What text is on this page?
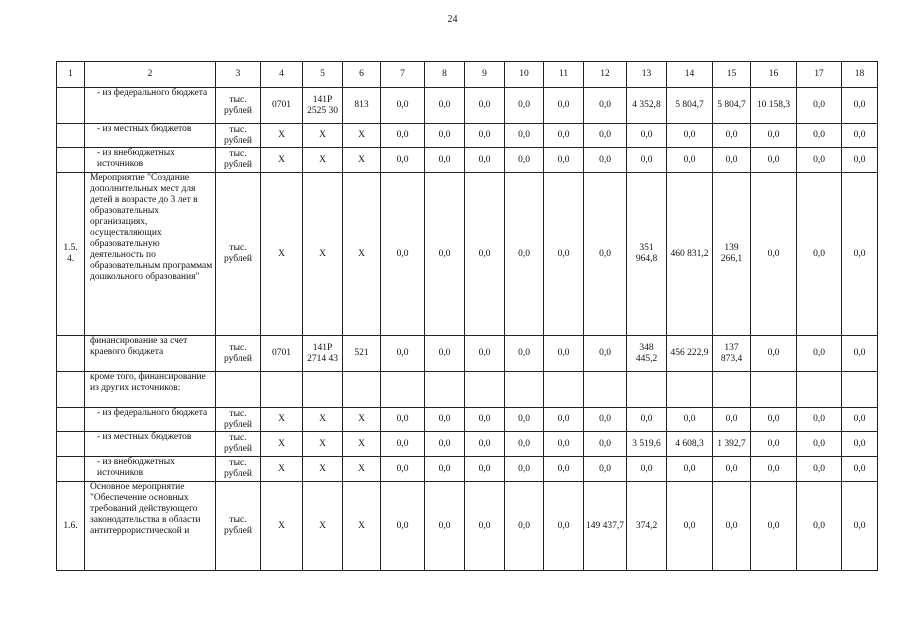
24
1	2	3	4	5	6	7	8	9	10	11	12	13	14	15	16	17	18
	- из федерального бюджета	тыс. рублей	0701	141Р 2525 30	813	0,0	0,0	0,0	0,0	0,0	0,0	4 352,8	5 804,7	5 804,7	10 158,3	0,0	0,0
	- из местных бюджетов	тыс. рублей	X	X	X	0,0	0,0	0,0	0,0	0,0	0,0	0,0	0,0	0,0	0,0	0,0	0,0
	- из внебюджетных источников	тыс. рублей	X	X	X	0,0	0,0	0,0	0,0	0,0	0,0	0,0	0,0	0,0	0,0	0,0	0,0
1.5. 4.	Мероприятие "Создание дополнительных мест для детей в возрасте до 3 лет в образовательных организациях, осуществляющих образовательную деятельность по образовательным программам дошкольного образования"	тыс. рублей	X	X	X	0,0	0,0	0,0	0,0	0,0	0,0	351 964,8	460 831,2	139 266,1	0,0	0,0	0,0
	финансирование за счет краевого бюджета	тыс. рублей	0701	141Р 2714 43	521	0,0	0,0	0,0	0,0	0,0	0,0	348 445,2	456 222,9	137 873,4	0,0	0,0	0,0
	кроме того, финансирование из других источников:																
	- из федерального бюджета	тыс. рублей	X	X	X	0,0	0,0	0,0	0,0	0,0	0,0	0,0	0,0	0,0	0,0	0,0	0,0
	- из местных бюджетов	тыс. рублей	X	X	X	0,0	0,0	0,0	0,0	0,0	0,0	3 519,6	4 608,3	1 392,7	0,0	0,0	0,0
	- из внебюджетных источников	тыс. рублей	X	X	X	0,0	0,0	0,0	0,0	0,0	0,0	0,0	0,0	0,0	0,0	0,0	0,0
1.6.	Основное мероприятие "Обеспечение основных требований действующего законодательства в области антитеррористической и	тыс. рублей	X	X	X	0,0	0,0	0,0	0,0	0,0	149 437,7	374,2	0,0	0,0	0,0	0,0	0,0
